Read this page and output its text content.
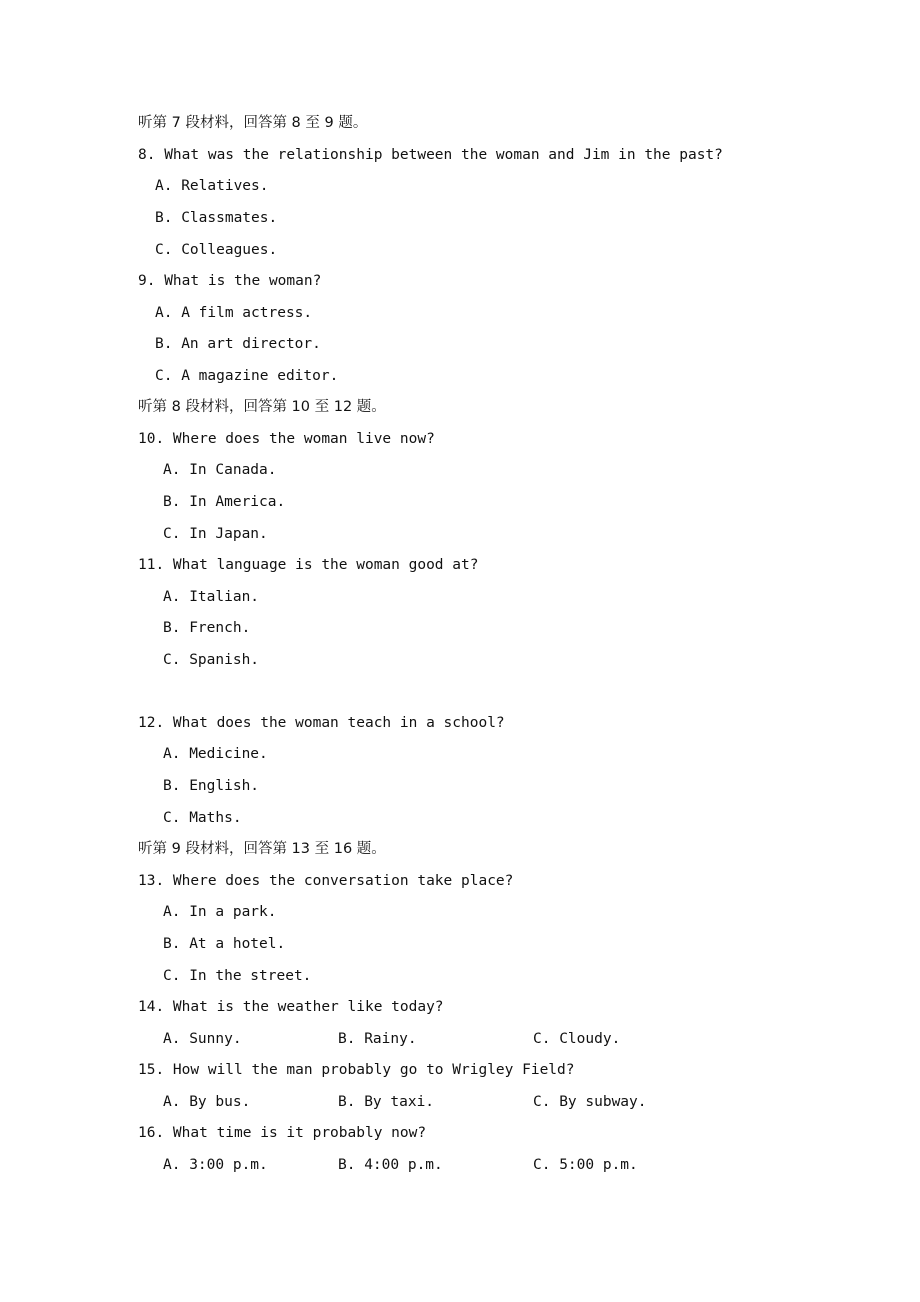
听第 7 段材料，回答第 8 至 9 题。
8. What was the relationship between the woman and Jim in the past?
A. Relatives.
B. Classmates.
C. Colleagues.
9. What is the woman?
A. A film actress.
B. An art director.
C. A magazine editor.
听第 8 段材料，回答第 10 至 12 题。
10. Where does the woman live now?
A. In Canada.
B. In America.
C. In Japan.
11. What language is the woman good at?
A. Italian.
B. French.
C. Spanish.
12. What does the woman teach in a school?
A. Medicine.
B. English.
C. Maths.
听第 9 段材料，回答第 13 至 16 题。
13. Where does the conversation take place?
A. In a park.
B. At a hotel.
C. In the street.
14. What is the weather like today?
A. Sunny.	B. Rainy.	C. Cloudy.
15. How will the man probably go to Wrigley Field?
A. By bus.	B. By taxi.	C. By subway.
16. What time is it probably now?
A. 3:00 p.m.	B. 4:00 p.m.	C. 5:00 p.m.
